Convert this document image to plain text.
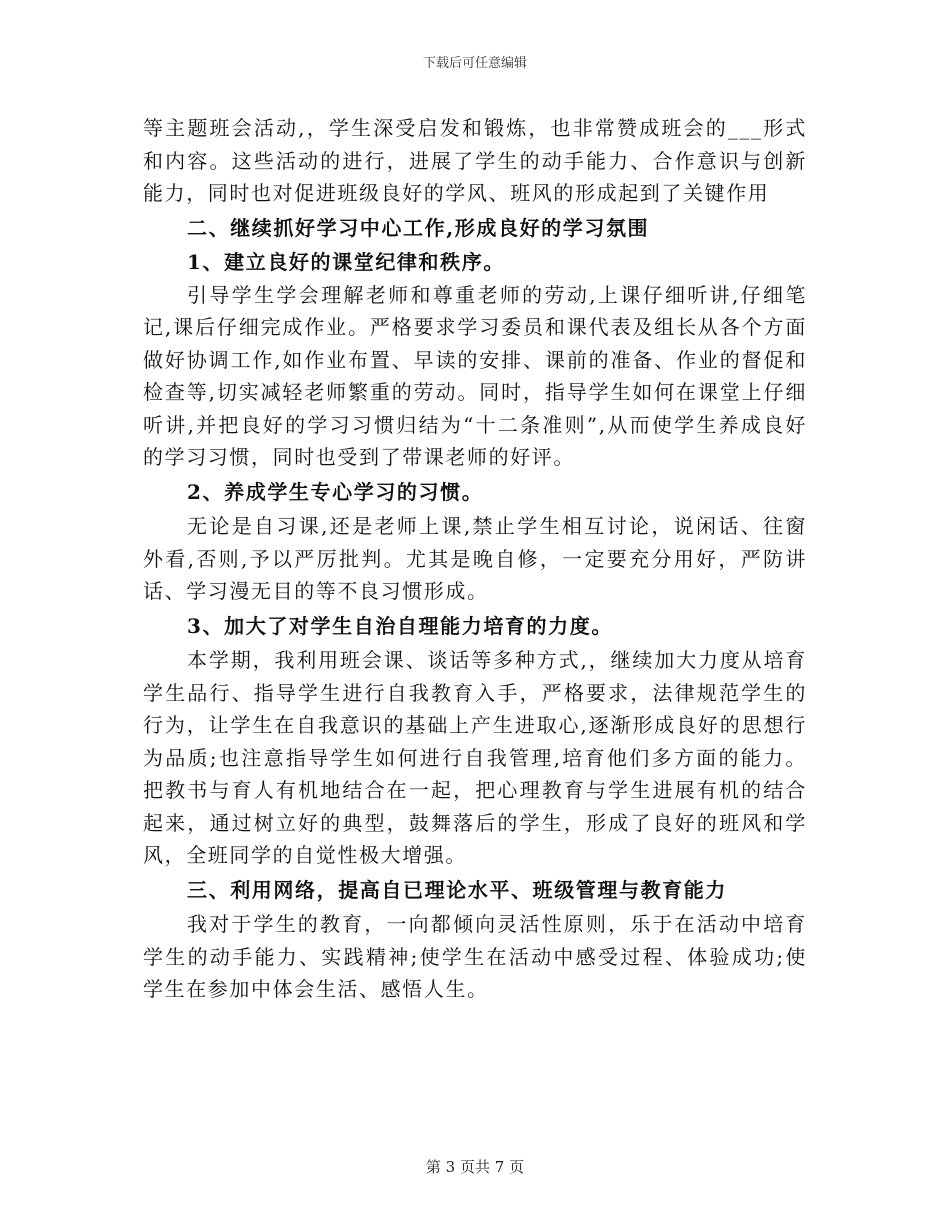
下载后可任意编辑

等主题班会活动,，学生深受启发和锻炼，也非常赞成班会的___形式和内容。这些活动的进行，进展了学生的动手能力、合作意识与创新能力，同时也对促进班级良好的学风、班风的形成起到了关键作用

二、继续抓好学习中心工作,形成良好的学习氛围

1、建立良好的课堂纪律和秩序。

引导学生学会理解老师和尊重老师的劳动,上课仔细听讲,仔细笔记,课后仔细完成作业。严格要求学习委员和课代表及组长从各个方面做好协调工作,如作业布置、早读的安排、课前的准备、作业的督促和检查等,切实减轻老师繁重的劳动。同时，指导学生如何在课堂上仔细听讲,并把良好的学习习惯归结为“十二条准则”,从而使学生养成良好的学习习惯，同时也受到了带课老师的好评。

2、养成学生专心学习的习惯。

无论是自习课,还是老师上课,禁止学生相互讨论，说闲话、往窗外看,否则,予以严厉批判。尤其是晚自修，一定要充分用好，严防讲话、学习漫无目的等不良习惯形成。

3、加大了对学生自治自理能力培育的力度。

本学期，我利用班会课、谈话等多种方式,，继续加大力度从培育学生品行、指导学生进行自我教育入手，严格要求，法律规范学生的行为，让学生在自我意识的基础上产生进取心,逐渐形成良好的思想行为品质;也注意指导学生如何进行自我管理,培育他们多方面的能力。把教书与育人有机地结合在一起，把心理教育与学生进展有机的结合起来，通过树立好的典型，鼓舞落后的学生，形成了良好的班风和学风，全班同学的自觉性极大增强。

三、利用网络，提高自已理论水平、班级管理与教育能力

我对于学生的教育，一向都倾向灵活性原则，乐于在活动中培育学生的动手能力、实践精神;使学生在活动中感受过程、体验成功;使学生在参加中体会生活、感悟人生。

第 3 页共 7 页
